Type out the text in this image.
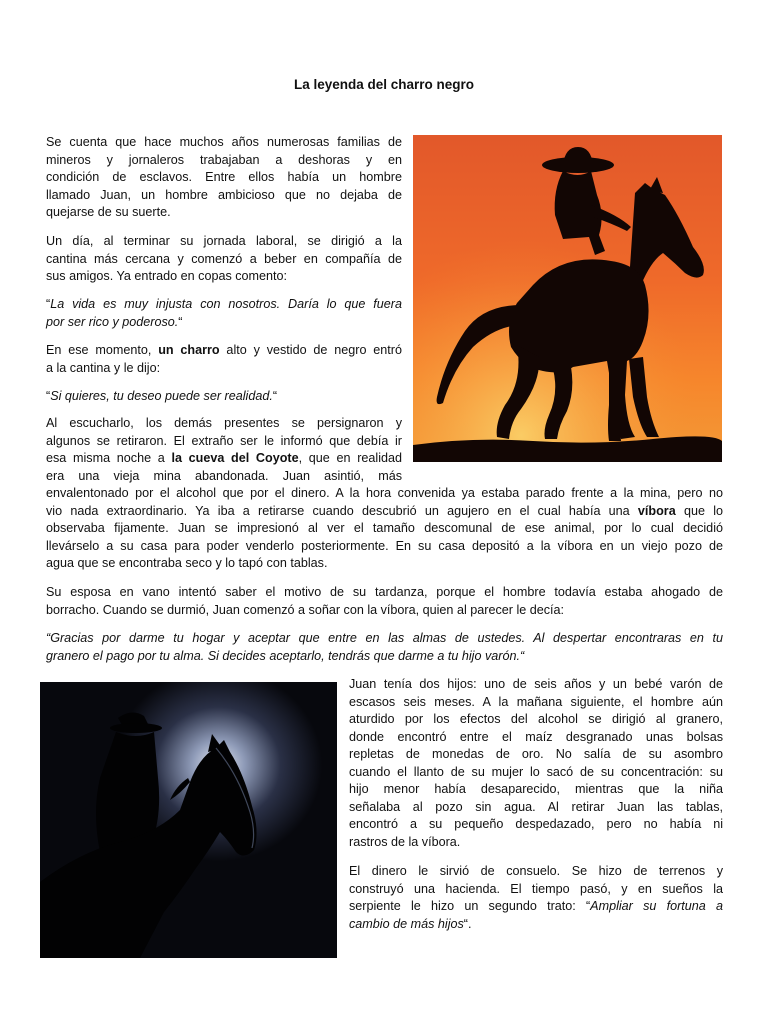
La leyenda del charro negro
Se cuenta que hace muchos años numerosas familias de
mineros y jornaleros trabajaban a deshoras y en
condición de esclavos. Entre ellos había un hombre
llamado Juan, un hombre ambicioso que no dejaba de
quejarse de su suerte.
Un día, al terminar su jornada laboral, se dirigió a la
cantina más cercana y comenzó a beber en compañía de
sus amigos. Ya entrado en copas comento:
“La vida es muy injusta con nosotros. Daría lo que fuera
por ser rico y poderoso.“
En ese momento, un charro alto y vestido de negro entró
a la cantina y le dijo:
“Si quieres, tu deseo puede ser realidad.“
Al escucharlo, los demás presentes se persignaron y
algunos se retiraron. El extraño ser le informó que debía ir
esa misma noche a la cueva del Coyote, que en realidad
era una vieja mina abandonada. Juan asintió, más
envalentonado por el alcohol que por el dinero. A la hora convenida ya estaba parado frente a la mina, pero no
vio nada extraordinario. Ya iba a retirarse cuando descubrió un agujero en el cual había una víbora que lo
observaba fijamente. Juan se impresionó al ver el tamaño descomunal de ese animal, por lo cual decidió
llevárselo a su casa para poder venderlo posteriormente. En su casa depositó a la víbora en un viejo pozo de
agua que se encontraba seco y lo tapó con tablas.
Su esposa en vano intentó saber el motivo de su tardanza, porque el hombre todavía estaba ahogado de
borracho. Cuando se durmió, Juan comenzó a soñar con la víbora, quien al parecer le decía:
“Gracias por darme tu hogar y aceptar que entre en las almas de ustedes. Al despertar encontraras en tu
granero el pago por tu alma. Si decides aceptarlo, tendrás que darme a tu hijo varón.“
Juan tenía dos hijos: uno de seis años y un bebé varón de
escasos seis meses. A la mañana siguiente, el hombre aún
aturdido por los efectos del alcohol se dirigió al granero,
donde encontró entre el maíz desgranado unas bolsas
repletas de monedas de oro. No salía de su asombro
cuando el llanto de su mujer lo sacó de su concentración: su
hijo menor había desaparecido, mientras que la niña
señalaba al pozo sin agua. Al retirar Juan las tablas,
encontró a su pequeño despedazado, pero no había ni
rastros de la víbora.
El dinero le sirvió de consuelo. Se hizo de terrenos y
construyó una hacienda. El tiempo pasó, y en sueños la
serpiente le hizo un segundo trato: “Ampliar su fortuna a
cambio de más hijos“.
